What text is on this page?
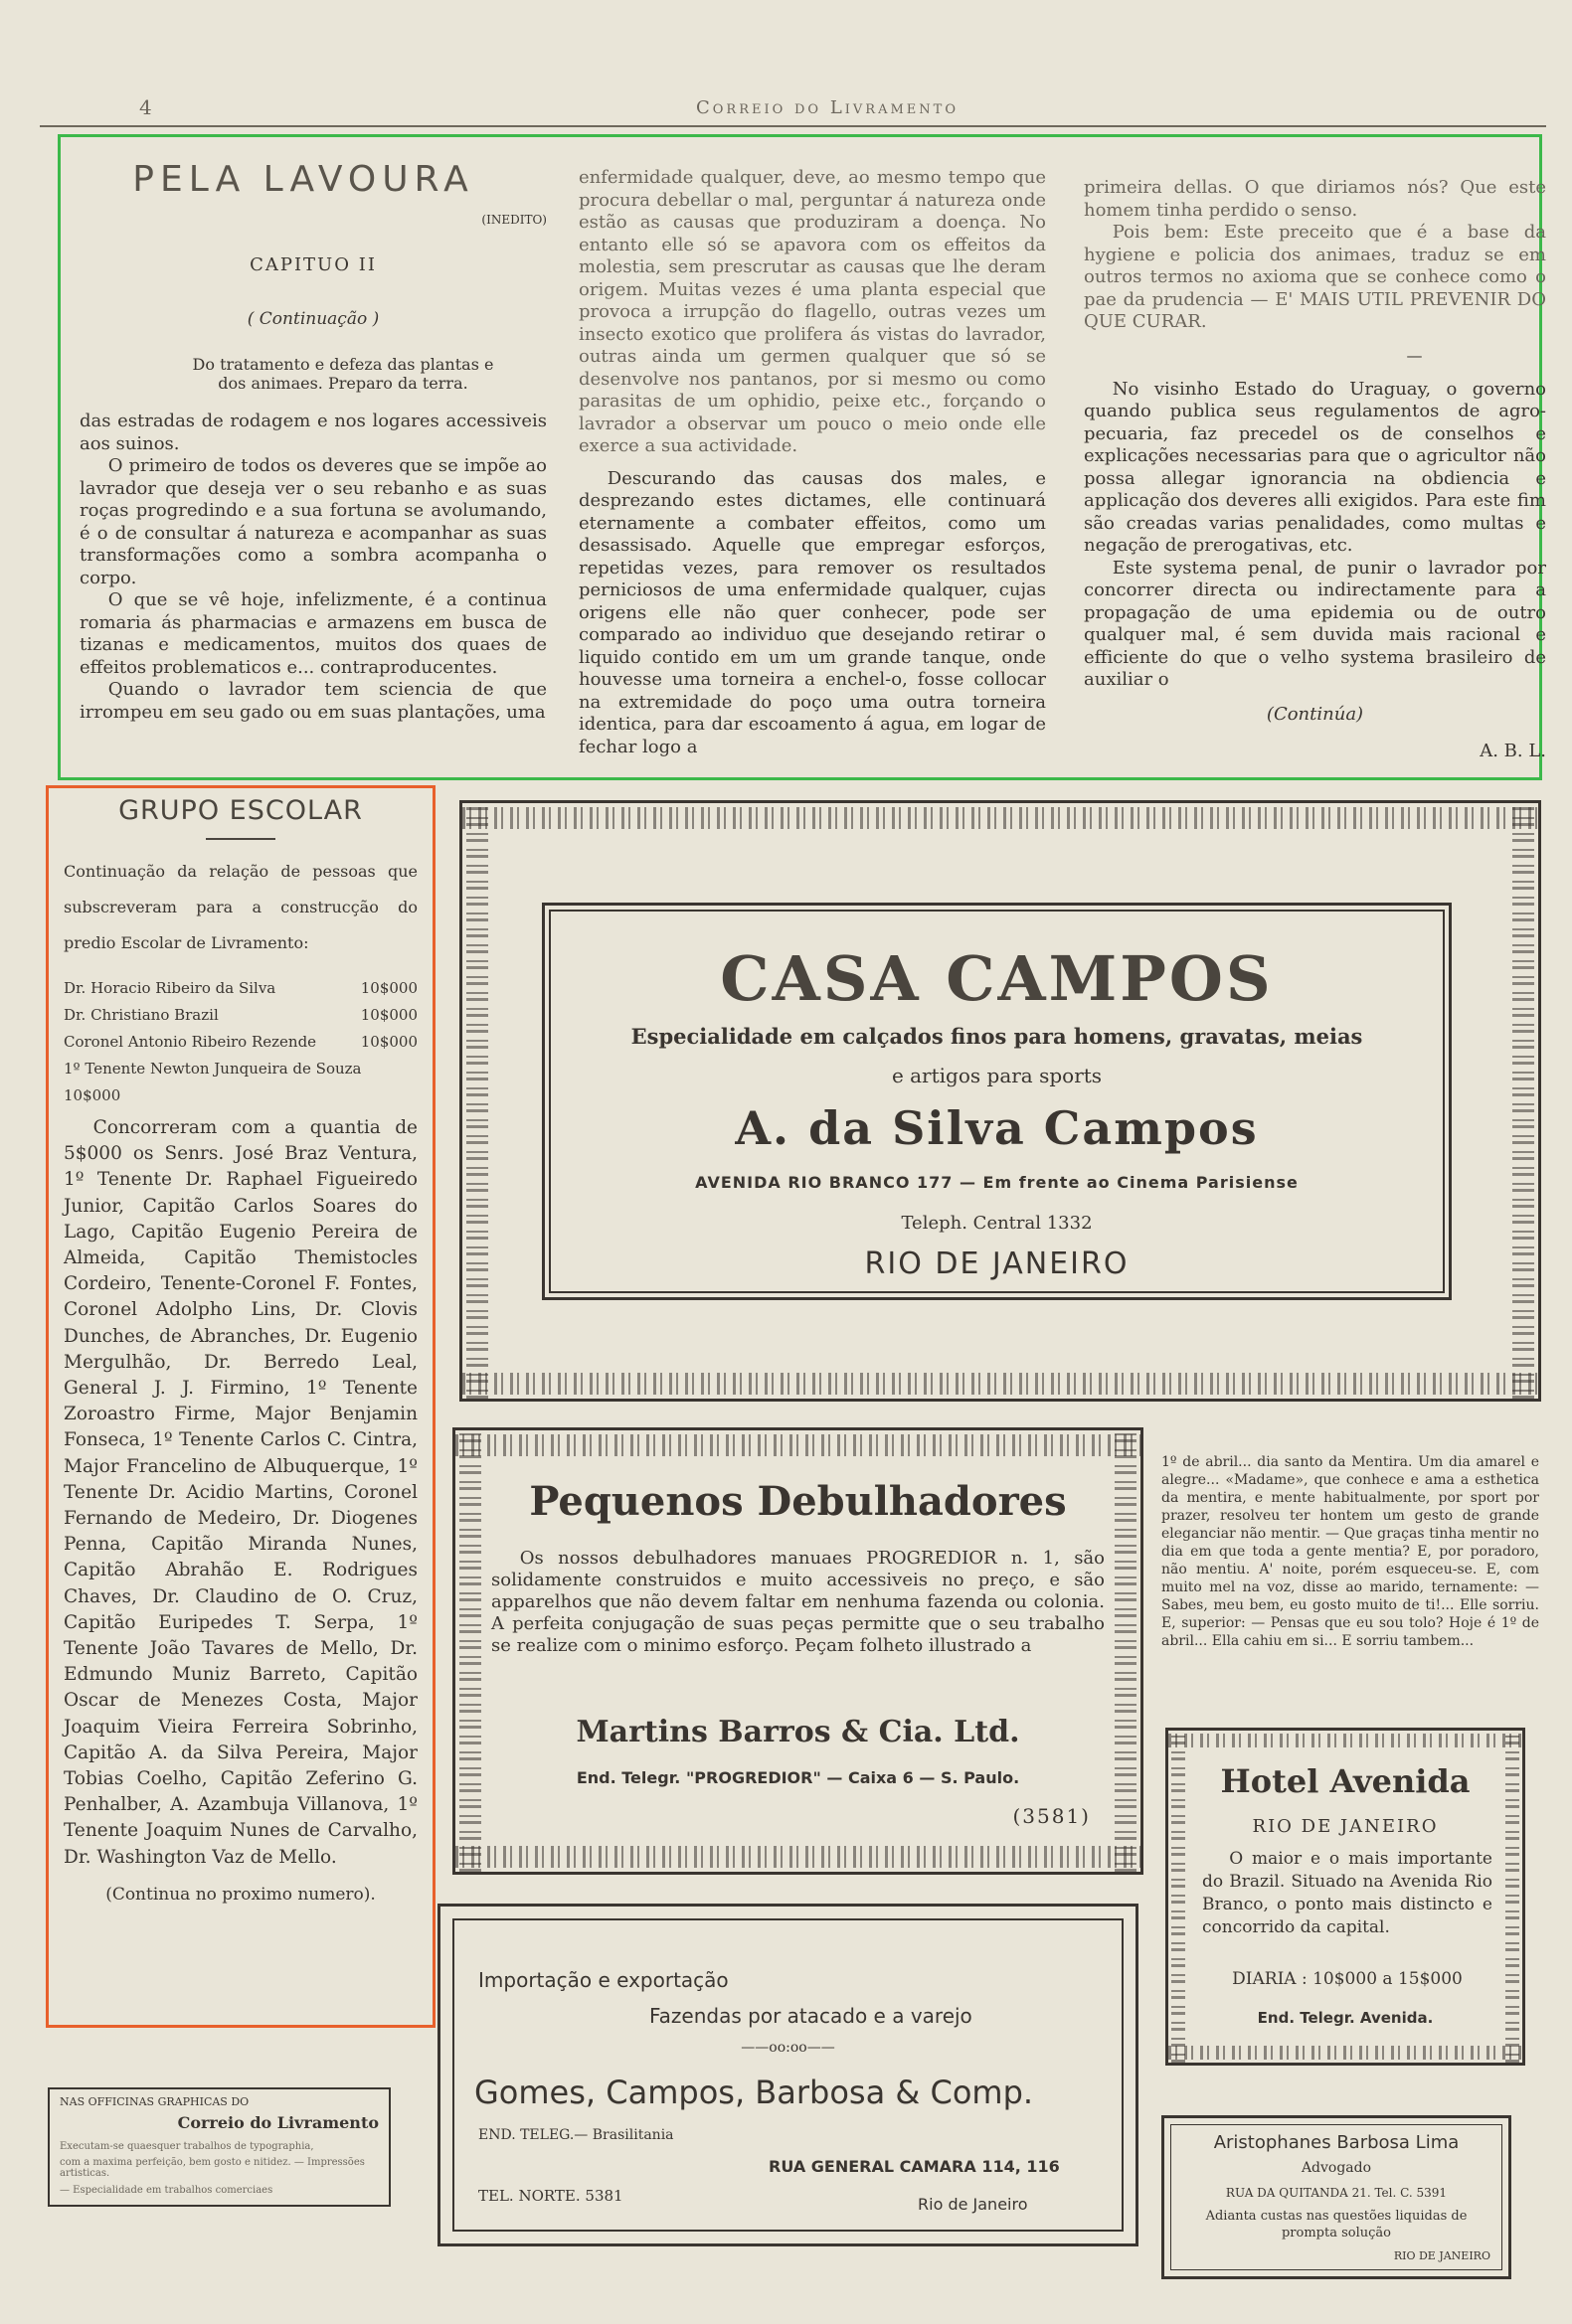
4	Correio do Livramento
PELA LAVOURA
(INEDITO)
CAPITUO II
( Continuação )
Do tratamento e defeza das plantas e
dos animaes. Preparo da terra.

das estradas de rodagem e nos logares accessiveis aos suinos.

O primeiro de todos os deveres que se impõe ao lavrador que deseja ver o seu rebanho e as suas roças progredindo e a sua fortuna se avolumando, é o de consultar á natureza e acompanhar as suas transformações como a sombra acompanha o corpo.

O que se vê hoje, infelizmente, é a continua romaria ás pharmacias e armazens em busca de tizanas e medicamentos, muitos dos quaes de effeitos problematicos e... contraproducentes.

Quando o lavrador tem sciencia de que irrompeu em seu gado ou em suas plantações, uma

enfermidade qualquer, deve, ao mesmo tempo que procura debellar o mal, perguntar á natureza onde estão as causas que produziram a doença. No entanto elle só se apavora com os effeitos da molestia, sem prescrutar as causas que lhe deram origem. Muitas vezes é uma planta especial que provoca a irrupção do flagello, outras vezes um insecto exotico que prolifera ás vistas do lavrador, outras ainda um germen qualquer que só se desenvolve nos pantanos, por si mesmo ou como parasitas de um ophidio, peixe etc., forçando o lavrador a observar um pouco o meio onde elle exerce a sua actividade.

Descurando das causas dos males, e desprezando estes dictames, elle continuará eternamente a combater effeitos, como um desassisado. Aquelle que empregar esforços, repetidas vezes, para remover os resultados perniciosos de uma enfermidade qualquer, cujas origens elle não quer conhecer, pode ser comparado ao individuo que desejando retirar o liquido contido em um um grande tanque, onde houvesse uma torneira a enchel-o, fosse collocar na extremidade do poço uma outra torneira identica, para dar escoamento á agua, em logar de fechar logo a

primeira dellas. O que diriamos nós? Que este homem tinha perdido o senso.

Pois bem: Este preceito que é a base da hygiene e policia dos animaes, traduz se em outros termos no axioma que se conhece como o pae da prudencia — E' MAIS UTIL PREVENIR DO QUE CURAR.

—

No visinho Estado do Uraguay, o governo quando publica seus regulamentos de agro-pecuaria, faz precedel os de conselhos e explicações necessarias para que o agricultor não possa allegar ignorancia na obdiencia e applicação dos deveres alli exigidos. Para este fim são creadas varias penalidades, como multas e negação de prerogativas, etc.

Este systema penal, de punir o lavrador por concorrer directa ou indirectamente para a propagação de uma epidemia ou de outro qualquer mal, é sem duvida mais racional e efficiente do que o velho systema brasileiro de auxiliar o

(Continúa)
A. B. L.
GRUPO ESCOLAR

Continuação da relação de pessoas que subscreveram para a construcção do predio Escolar de Livramento:

Dr. Horacio Ribeiro da Silva	10$000
Dr. Christiano Brazil	10$000
Coronel Antonio Ribeiro Rezende	10$000
1º Tenente Newton Junqueira de Souza
10$000

Concorreram com a quantia de 5$000 os Senrs. José Braz Ventura, 1º Tenente Dr. Raphael Figueiredo Junior, Capitão Carlos Soares do Lago, Capitão Eugenio Pereira de Almeida, Capitão Themistocles Cordeiro, Tenente-Coronel F. Fontes, Coronel Adolpho Lins, Dr. Clovis Dunches, de Abranches, Dr. Eugenio Mergulhão, Dr. Berredo Leal, General J. J. Firmino, 1º Tenente Zoroastro Firme, Major Benjamin Fonseca, 1º Tenente Carlos C. Cintra, Major Francelino de Albuquerque, 1º Tenente Dr. Acidio Martins, Coronel Fernando de Medeiro, Dr. Diogenes Penna, Capitão Miranda Nunes, Capitão Abrahão E. Rodrigues Chaves, Dr. Claudino de O. Cruz, Capitão Euripedes T. Serpa, 1º Tenente João Tavares de Mello, Dr. Edmundo Muniz Barreto, Capitão Oscar de Menezes Costa, Major Joaquim Vieira Ferreira Sobrinho, Capitão A. da Silva Pereira, Major Tobias Coelho, Capitão Zeferino G. Penhalber, A. Azambuja Villanova, 1º Tenente Joaquim Nunes de Carvalho, Dr. Washington Vaz de Mello.

(Continua no proximo numero).
CASA CAMPOS
Especialidade em calçados finos para homens, gravatas, meias
e artigos para sports
A. da Silva Campos
AVENIDA RIO BRANCO 177 — Em frente ao Cinema Parisiense
Teleph. Central 1332
RIO DE JANEIRO
Pequenos Debulhadores

Os nossos debulhadores manuaes PROGREDIOR n. 1, são solidamente construidos e muito accessiveis no preço, e são apparelhos que não devem faltar em nenhuma fazenda ou colonia. A perfeita conjugação de suas peças permitte que o seu trabalho se realize com o minimo esforço. Peçam folheto illustrado a

Martins Barros & Cia. Ltd.
End. Telegr. "PROGREDIOR" — Caixa 6 — S. Paulo.
(3581)

1º de abril... dia santo da Mentira. Um dia amarel e alegre... «Madame», que conhece e ama a esthetica da mentira, e mente habitualmente, por sport por prazer, resolveu ter hontem um gesto de grande eleganciar não mentir. — Que graças tinha mentir no dia em que toda a gente mentia? E, por poradoro, não mentiu. A' noite, porém esqueceu-se. E, com muito mel na voz, disse ao marido, ternamente: — Sabes, meu bem, eu gosto muito de ti!... Elle sorriu. E, superior: — Pensas que eu sou tolo? Hoje é 1º de abril... Ella cahiu em si... E sorriu tambem...

Hotel Avenida
RIO DE JANEIRO

O maior e o mais importante do Brazil. Situado na Avenida Rio Branco, o ponto mais distincto e concorrido da capital.

DIARIA : 10$000 a 15$000
End. Telegr. Avenida.
Importação e exportação
Fazendas por atacado e a varejo
——oo:oo——
Gomes, Campos, Barbosa & Comp.
END. TELEG.— Brasilitania
RUA GENERAL CAMARA 114, 116
TEL. NORTE. 5381	Rio de Janeiro
NAS OFFICINAS GRAPHICAS DO
Correio do Livramento
Executam-se quaesquer trabalhos de typographia,
com a maxima perfeição, bem gosto e nitidez. — Impressões artisticas.
— Especialidade em trabalhos comerciaes
Aristophanes Barbosa Lima
Advogado
RUA DA QUITANDA 21. Tel. C. 5391
Adianta custas nas questões liquidas de prompta solução
RIO DE JANEIRO
